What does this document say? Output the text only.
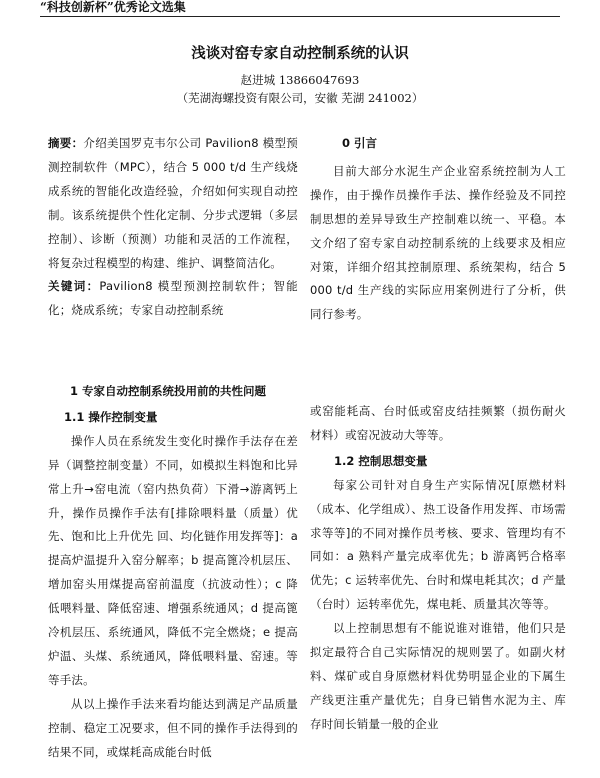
“科技创新杯”优秀论文选集
浅谈对窑专家自动控制系统的认识

赵进城 13866047693

（芜湖海螺投资有限公司，安徽 芜湖 241002）

摘要：介绍美国罗克韦尔公司 Pavilion8 模型预测控制软件（MPC），结合 5 000 t/d 生产线烧成系统的智能化改造经验，介绍如何实现自动控制。该系统提供个性化定制、分步式逻辑（多层控制）、诊断（预测）功能和灵活的工作流程，将复杂过程模型的构建、维护、调整简洁化。

关键词：Pavilion8 模型预测控制软件；智能化；烧成系统；专家自动控制系统

0 引言

目前大部分水泥生产企业窑系统控制为人工操作，由于操作员操作手法、操作经验及不同控制思想的差异导致生产控制难以统一、平稳。本文介绍了窑专家自动控制系统的上线要求及相应对策，详细介绍其控制原理、系统架构，结合 5 000 t/d 生产线的实际应用案例进行了分析，供同行参考。

1 专家自动控制系统投用前的共性问题

1.1 操作控制变量

操作人员在系统发生变化时操作手法存在差异（调整控制变量）不同，如模拟生料饱和比异常上升→窑电流（窑内热负荷）下滑→游离钙上升，操作员操作手法有[排除喂料量（质量）优先、饱和比上升优先 回、均化链作用发挥等]：a 提高炉温提升入窑分解率；b 提高篦冷机层压、增加窑头用煤提高窑前温度（抗波动性）；c 降低喂料量、降低窑速、增强系统通风；d 提高篦冷机层压、系统通风，降低不完全燃烧；e 提高炉温、头煤、系统通风，降低喂料量、窑速。等等手法。

从以上操作手法来看均能达到满足产品质量控制、稳定工况要求，但不同的操作手法得到的结果不同，或煤耗高成能台时低

或窑能耗高、台时低或窑皮结挂频繁（损伤耐火材料）或窑况波动大等等。

1.2 控制思想变量

每家公司针对自身生产实际情况[原燃材料（成本、化学组成）、热工设备作用发挥、市场需求等等]的不同对操作员考核、要求、管理均有不同如：a 熟料产量完成率优先；b 游离钙合格率优先；c 运转率优先、台时和煤电耗其次；d 产量（台时）运转率优先，煤电耗、质量其次等等。

以上控制思想有不能说谁对谁错，他们只是拟定最符合自己实际情况的规则罢了。如副火材料、煤矿或自身原燃材料优势明显企业的下属生产线更注重产量优先；自身已销售水泥为主、库存时间长销量一般的企业
